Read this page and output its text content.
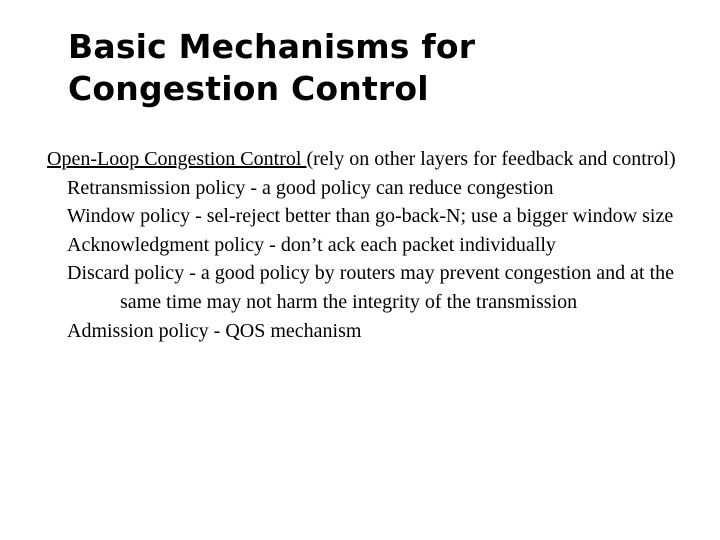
Basic Mechanisms for
Congestion Control

Open-Loop Congestion Control (rely on other layers for feedback and control)

Retransmission policy - a good policy can reduce congestion

Window policy - sel-reject better than go-back-N; use a bigger window size

Acknowledgment policy - don’t ack each packet individually

Discard policy - a good policy by routers may prevent congestion and at the same time may not harm the integrity of the transmission

Admission policy - QOS mechanism
